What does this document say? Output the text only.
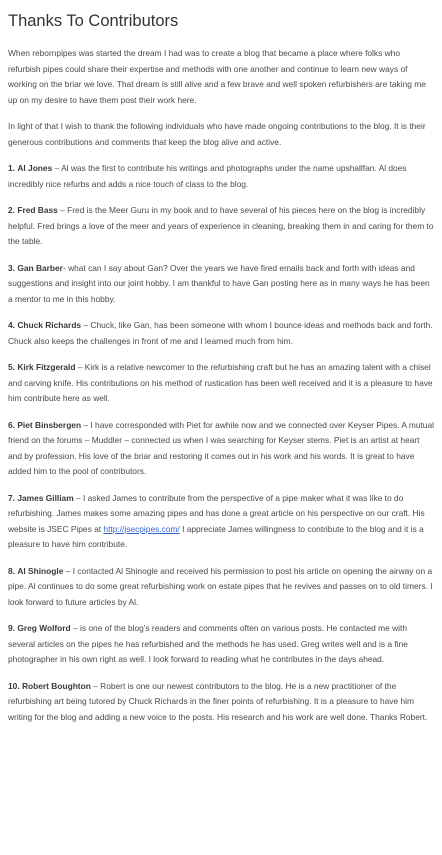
Thanks To Contributors

When rebornpipes was started the dream I had was to create a blog that became a place where folks who refurbish pipes could share their expertise and methods with one another and continue to learn new ways of working on the briar we love. That dream is still alive and a few brave and well spoken refurbishers are taking me up on my desire to have them post their work here.

In light of that I wish to thank the following individuals who have made ongoing contributions to the blog. It is their generous contributions and comments that keep the blog alive and active.

1. Al Jones – Al was the first to contribute his writings and photographs under the name upshallfan. Al does incredibly nice refurbs and adds a nice touch of class to the blog.

2. Fred Bass – Fred is the Meer Guru in my book and to have several of his pieces here on the blog is incredibly helpful. Fred brings a love of the meer and years of experience in cleaning, breaking them in and caring for them to the table.

3. Gan Barber- what can I say about Gan? Over the years we have fired emails back and forth with ideas and suggestions and insight into our joint hobby. I am thankful to have Gan posting here as in many ways he has been a mentor to me in this hobby.

4. Chuck Richards – Chuck, like Gan, has been someone with whom I bounce ideas and methods back and forth. Chuck also keeps the challenges in front of me and I learned much from him.

5. Kirk Fitzgerald – Kirk is a relative newcomer to the refurbishing craft but he has an amazing talent with a chisel and carving knife. His contributions on his method of rustication has been well received and it is a pleasure to have him contribute here as well.

6. Piet Binsbergen – I have corresponded with Piet for awhile now and we connected over Keyser Pipes. A mutual friend on the forums – Muddler – connected us when I was searching for Keyser stems. Piet is an artist at heart and by profession. His love of the briar and restoring it comes out in his work and his words. It is great to have added him to the pool of contributors.

7. James Gilliam – I asked James to contribute from the perspective of a pipe maker what it was like to do refurbishing. James makes some amazing pipes and has done a great article on his perspective on our craft. His website is JSEC Pipes at http://jsecpipes.com/ I appreciate James willingness to contribute to the blog and it is a pleasure to have him contribute.

8. Al Shinogle – I contacted Al Shinogle and received his permission to post his article on opening the airway on a pipe. Al continues to do some great refurbishing work on estate pipes that he revives and passes on to old timers. I look forward to future articles by Al.

9. Greg Wolford – is one of the blog's readers and comments often on various posts. He contacted me with several articles on the pipes he has refurbished and the methods he has used. Greg writes well and is a fine photographer in his own right as well. I look forward to reading what he contributes in the days ahead.

10. Robert Boughton – Robert is one our newest contributors to the blog. He is a new practitioner of the refurbishing art being tutored by Chuck Richards in the finer points of refurbishing. It is a pleasure to have him writing for the blog and adding a new voice to the posts. His research and his work are well done. Thanks Robert.
